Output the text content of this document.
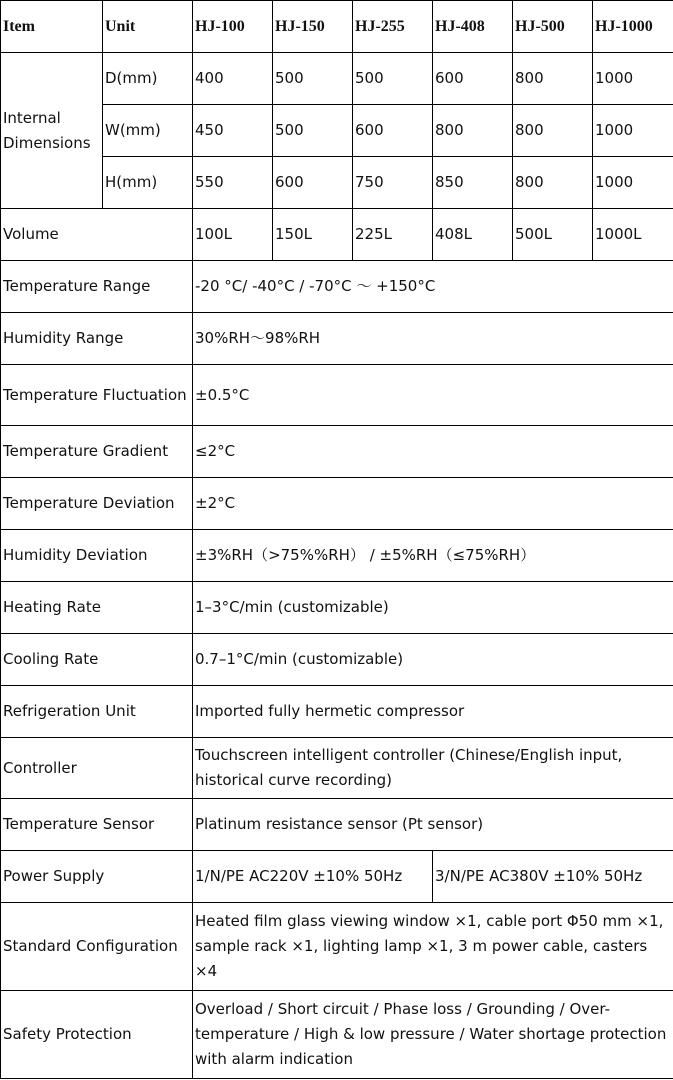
Item	Unit	HJ-100	HJ-150	HJ-255	HJ-408	HJ-500	HJ-1000
Internal Dimensions	D(mm)	400	500	500	600	800	1000
	W(mm)	450	500	600	800	800	1000
	H(mm)	550	600	750	850	800	1000
Volume		100L	150L	225L	408L	500L	1000L
Temperature Range		-20 °C/ -40°C / -70°C ～ +150°C					
Humidity Range		30%RH～98%RH					
Temperature Fluctuation		±0.5°C					
Temperature Gradient		≤2°C					
Temperature Deviation		±2°C					
Humidity Deviation		±3%RH（>75%%RH） / ±5%RH（≤75%RH）					
Heating Rate		1–3°C/min (customizable)					
Cooling Rate		0.7–1°C/min (customizable)					
Refrigeration Unit		Imported fully hermetic compressor					
Controller		Touchscreen intelligent controller (Chinese/English input, historical curve recording)					
Temperature Sensor		Platinum resistance sensor (Pt sensor)					
Power Supply		1/N/PE AC220V ±10% 50Hz			3/N/PE AC380V ±10% 50Hz		
Standard Configuration		Heated film glass viewing window ×1, cable port Φ50 mm ×1, sample rack ×1, lighting lamp ×1, 3 m power cable, casters ×4					
Safety Protection		Overload / Short circuit / Phase loss / Grounding / Over-temperature / High & low pressure / Water shortage protection with alarm indication					
